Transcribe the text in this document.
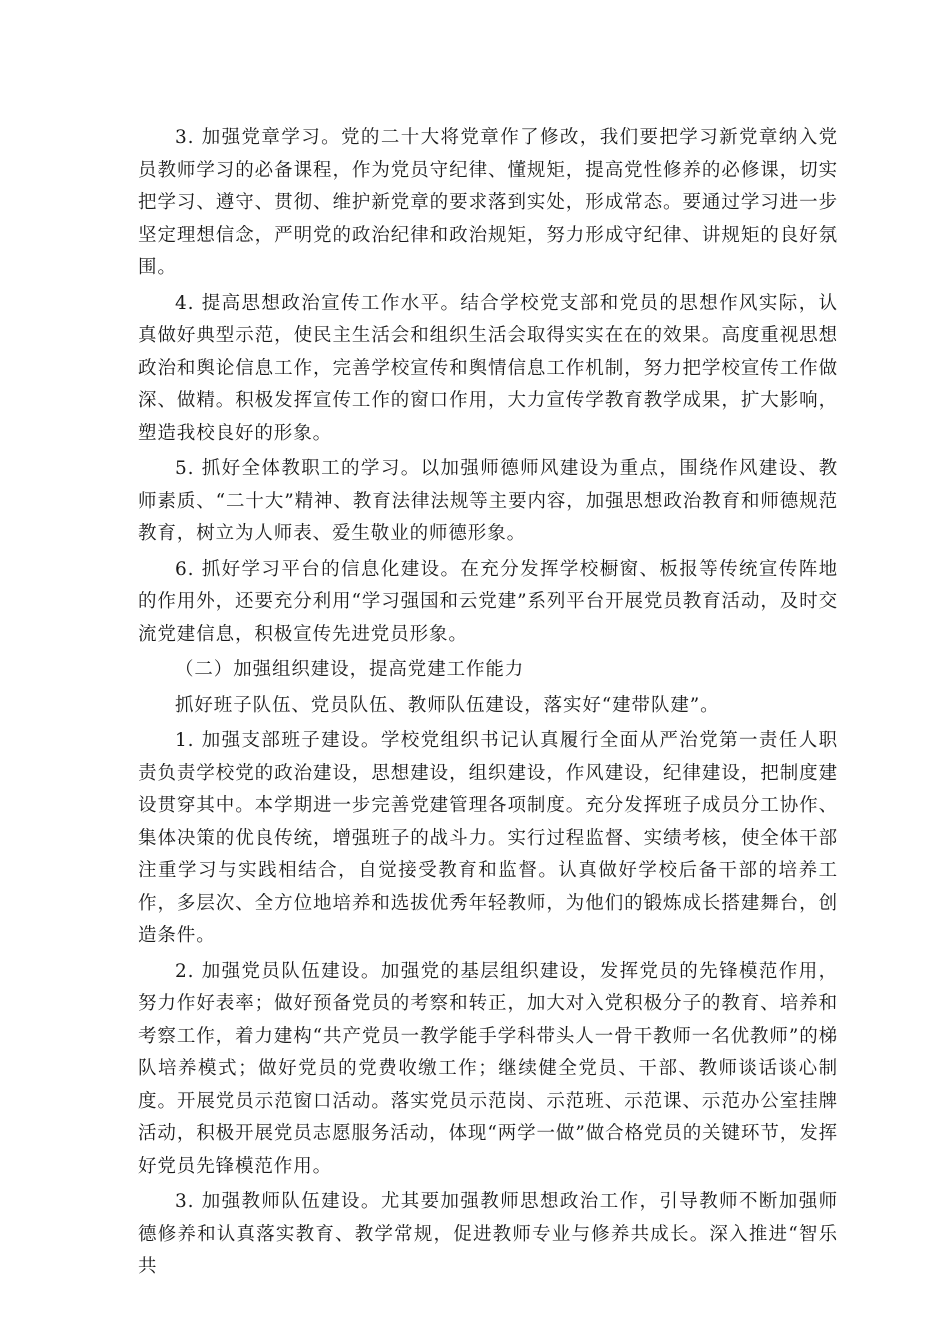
3. 加强党章学习。党的二十大将党章作了修改，我们要把学习新党章纳入党员教师学习的必备课程，作为党员守纪律、懂规矩，提高党性修养的必修课，切实把学习、遵守、贯彻、维护新党章的要求落到实处，形成常态。要通过学习进一步坚定理想信念，严明党的政治纪律和政治规矩，努力形成守纪律、讲规矩的良好氛围。

4. 提高思想政治宣传工作水平。结合学校党支部和党员的思想作风实际，认真做好典型示范，使民主生活会和组织生活会取得实实在在的效果。高度重视思想政治和舆论信息工作，完善学校宣传和舆情信息工作机制，努力把学校宣传工作做深、做精。积极发挥宣传工作的窗口作用，大力宣传学教育教学成果，扩大影响，塑造我校良好的形象。

5. 抓好全体教职工的学习。以加强师德师风建设为重点，围绕作风建设、教师素质、“二十大”精神、教育法律法规等主要内容，加强思想政治教育和师德规范教育，树立为人师表、爱生敬业的师德形象。

6. 抓好学习平台的信息化建设。在充分发挥学校橱窗、板报等传统宣传阵地的作用外，还要充分利用“学习强国和云党建”系列平台开展党员教育活动，及时交流党建信息，积极宣传先进党员形象。

（二）加强组织建设，提高党建工作能力

抓好班子队伍、党员队伍、教师队伍建设，落实好“建带队建”。

1. 加强支部班子建设。学校党组织书记认真履行全面从严治党第一责任人职责负责学校党的政治建设，思想建设，组织建设，作风建设，纪律建设，把制度建设贯穿其中。本学期进一步完善党建管理各项制度。充分发挥班子成员分工协作、集体决策的优良传统，增强班子的战斗力。实行过程监督、实绩考核，使全体干部注重学习与实践相结合，自觉接受教育和监督。认真做好学校后备干部的培养工作，多层次、全方位地培养和选拔优秀年轻教师，为他们的锻炼成长搭建舞台，创造条件。

2. 加强党员队伍建设。加强党的基层组织建设，发挥党员的先锋模范作用，努力作好表率；做好预备党员的考察和转正，加大对入党积极分子的教育、培养和考察工作，着力建构“共产党员一教学能手学科带头人一骨干教师一名优教师”的梯队培养模式；做好党员的党费收缴工作；继续健全党员、干部、教师谈话谈心制度。开展党员示范窗口活动。落实党员示范岗、示范班、示范课、示范办公室挂牌活动，积极开展党员志愿服务活动，体现“两学一做”做合格党员的关键环节，发挥好党员先锋模范作用。

3. 加强教师队伍建设。尤其要加强教师思想政治工作，引导教师不断加强师德修养和认真落实教育、教学常规，促进教师专业与修养共成长。深入推进“智乐共
